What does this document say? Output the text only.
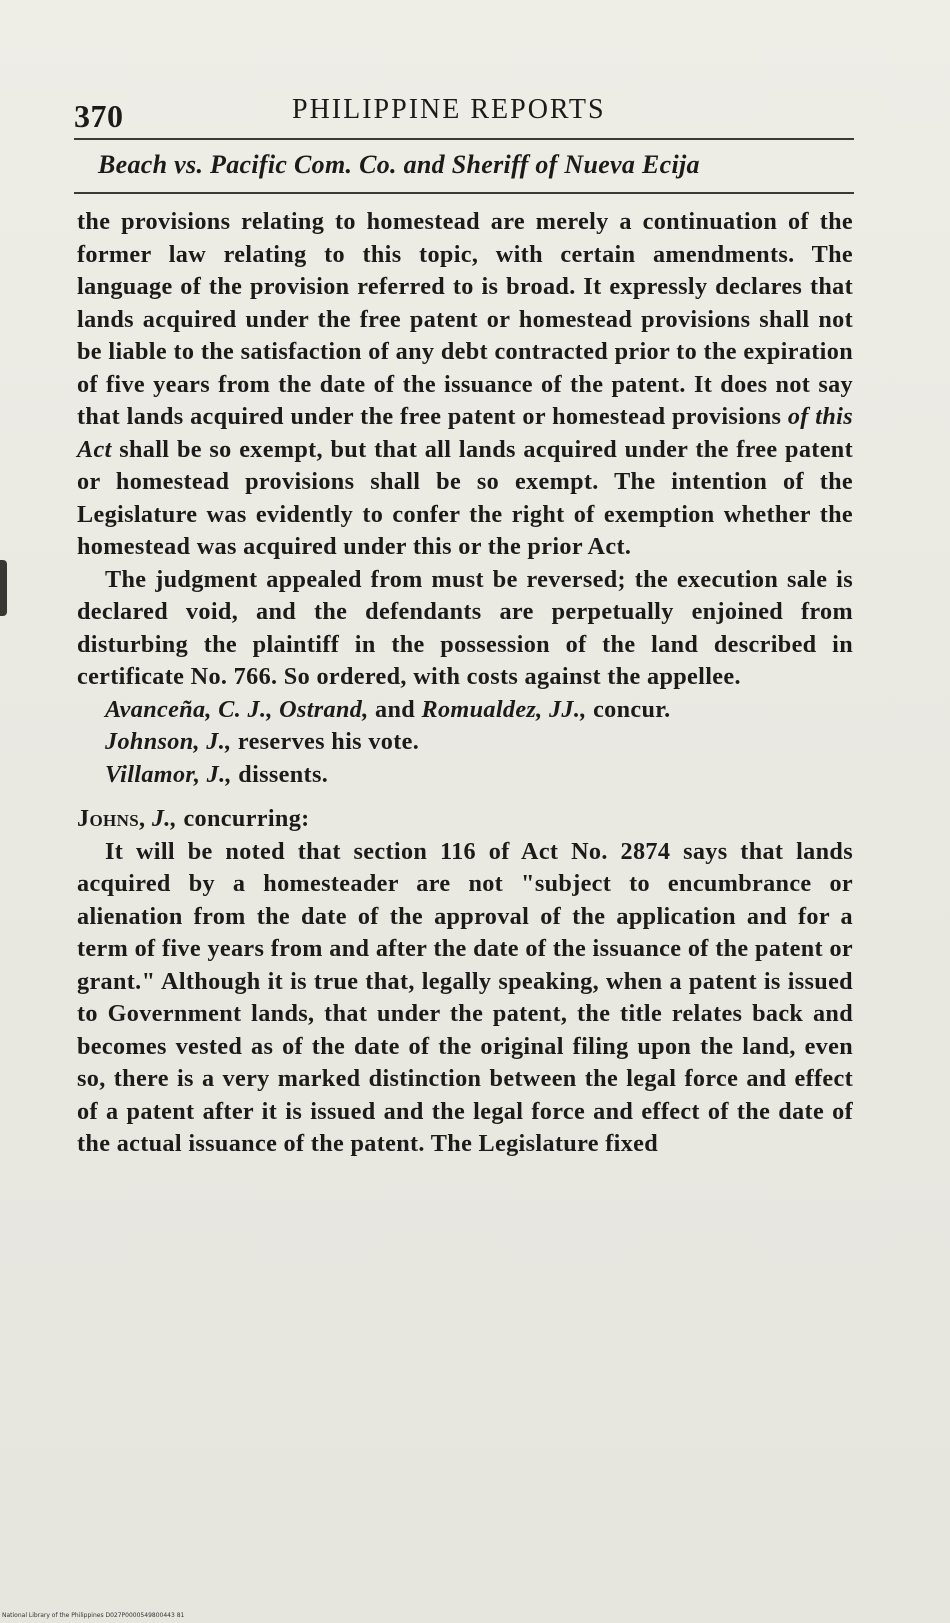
370	PHILIPPINE REPORTS
Beach vs. Pacific Com. Co. and Sheriff of Nueva Ecija

the provisions relating to homestead are merely a continuation of the former law relating to this topic, with certain amendments. The language of the provision referred to is broad. It expressly declares that lands acquired under the free patent or homestead provisions shall not be liable to the satisfaction of any debt contracted prior to the expiration of five years from the date of the issuance of the patent. It does not say that lands acquired under the free patent or homestead provisions of this Act shall be so exempt, but that all lands acquired under the free patent or homestead provisions shall be so exempt. The intention of the Legislature was evidently to confer the right of exemption whether the homestead was acquired under this or the prior Act.

The judgment appealed from must be reversed; the execution sale is declared void, and the defendants are perpetually enjoined from disturbing the plaintiff in the possession of the land described in certificate No. 766. So ordered, with costs against the appellee.

Avanceña, C. J., Ostrand, and Romualdez, JJ., concur.

Johnson, J., reserves his vote.

Villamor, J., dissents.

Johns, J., concurring:

It will be noted that section 116 of Act No. 2874 says that lands acquired by a homesteader are not "subject to encumbrance or alienation from the date of the approval of the application and for a term of five years from and after the date of the issuance of the patent or grant." Although it is true that, legally speaking, when a patent is issued to Government lands, that under the patent, the title relates back and becomes vested as of the date of the original filing upon the land, even so, there is a very marked distinction between the legal force and effect of a patent after it is issued and the legal force and effect of the date of the actual issuance of the patent. The Legislature fixed

National Library of the Philippines D027P0000549800443 81
